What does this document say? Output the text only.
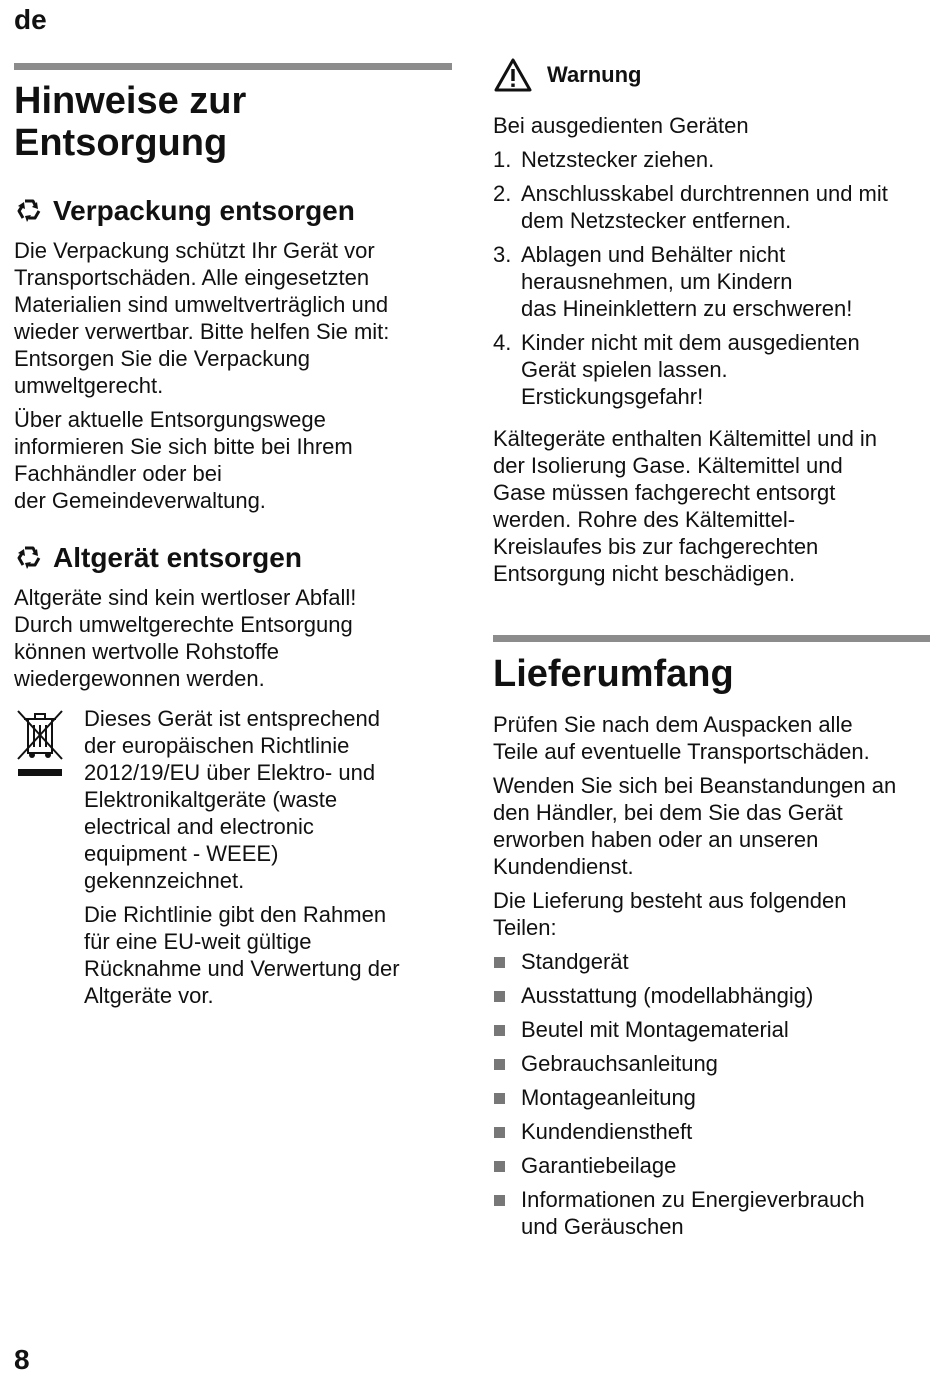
de
8
Hinweise zur
Entsorgung
Verpackung entsorgen

Die Verpackung schützt Ihr Gerät vor
Transportschäden. Alle eingesetzten
Materialien sind umweltverträglich und
wieder verwertbar. Bitte helfen Sie mit:
Entsorgen Sie die Verpackung
umweltgerecht.

Über aktuelle Entsorgungswege
informieren Sie sich bitte bei Ihrem
Fachhändler oder bei
der Gemeindeverwaltung.

Altgerät entsorgen

Altgeräte sind kein wertloser Abfall!
Durch umweltgerechte Entsorgung
können wertvolle Rohstoffe
wiedergewonnen werden.

Dieses Gerät ist entsprechend
der europäischen Richtlinie
2012/19/EU über Elektro- und
Elektronikaltgeräte (waste
electrical and electronic
equipment - WEEE)
gekennzeichnet.

Die Richtlinie gibt den Rahmen
für eine EU-weit gültige
Rücknahme und Verwertung der
Altgeräte vor.

Warnung

Bei ausgedienten Geräten

1. Netzstecker ziehen.
2. Anschlusskabel durchtrennen und mit
dem Netzstecker entfernen.
3. Ablagen und Behälter nicht
herausnehmen, um Kindern
das Hineinklettern zu erschweren!
4. Kinder nicht mit dem ausgedienten
Gerät spielen lassen.
Erstickungsgefahr!

Kältegeräte enthalten Kältemittel und in
der Isolierung Gase. Kältemittel und
Gase müssen fachgerecht entsorgt
werden. Rohre des Kältemittel-
Kreislaufes bis zur fachgerechten
Entsorgung nicht beschädigen.

Lieferumfang

Prüfen Sie nach dem Auspacken alle
Teile auf eventuelle Transportschäden.

Wenden Sie sich bei Beanstandungen an
den Händler, bei dem Sie das Gerät
erworben haben oder an unseren
Kundendienst.

Die Lieferung besteht aus folgenden
Teilen:

Standgerät
Ausstattung (modellabhängig)
Beutel mit Montagematerial
Gebrauchsanleitung
Montageanleitung
Kundendienstheft
Garantiebeilage
Informationen zu Energieverbrauch
und Geräuschen
